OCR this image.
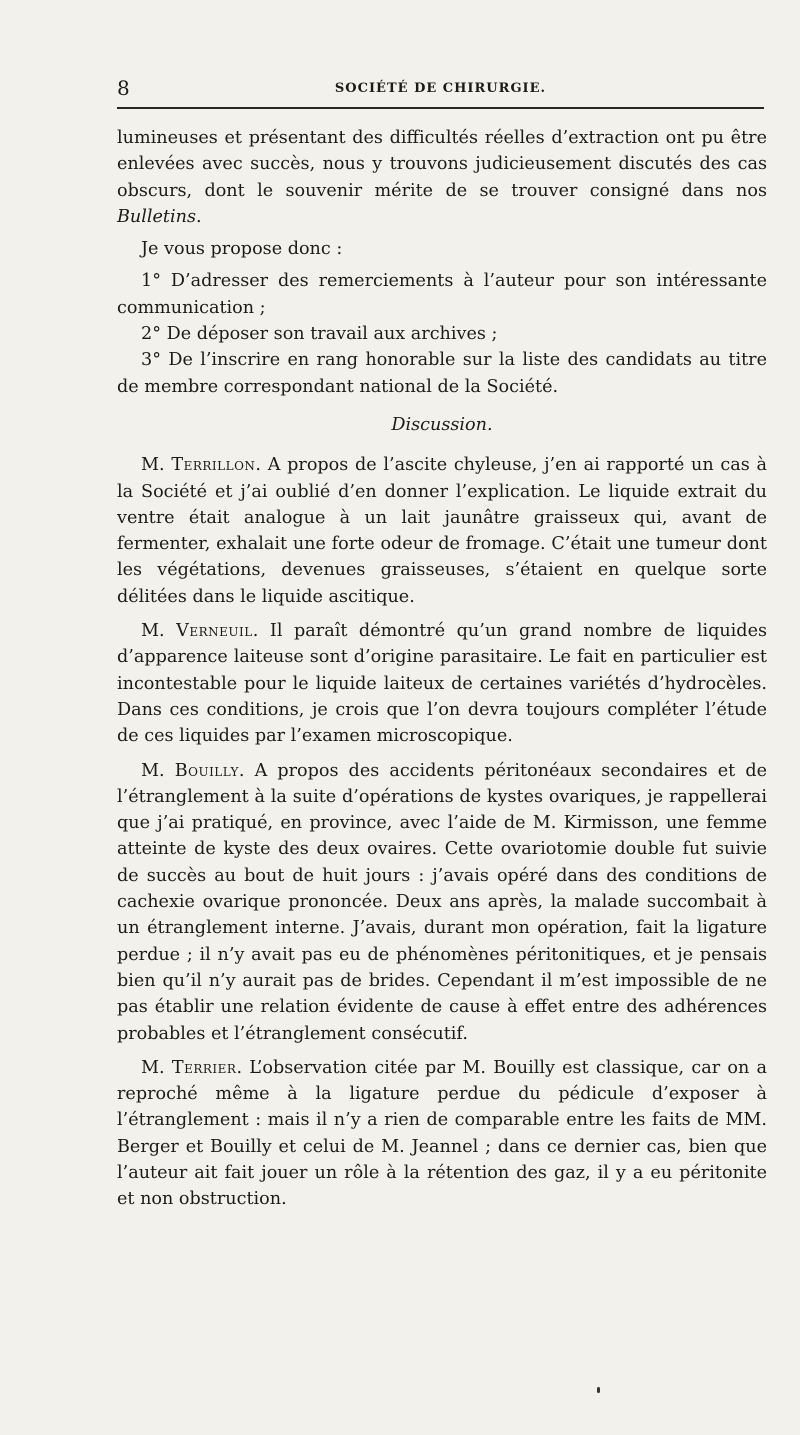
8	SOCIÉTÉ DE CHIRURGIE.

lumineuses et présentant des difficultés réelles d’extraction ont pu être enlevées avec succès, nous y trouvons judicieusement discutés des cas obscurs, dont le souvenir mérite de se trouver consigné dans nos Bulletins.

Je vous propose donc :

1° D’adresser des remerciements à l’auteur pour son intéressante communication ;

2° De déposer son travail aux archives ;

3° De l’inscrire en rang honorable sur la liste des candidats au titre de membre correspondant national de la Société.

Discussion.

M. Terrillon. A propos de l’ascite chyleuse, j’en ai rapporté un cas à la Société et j’ai oublié d’en donner l’explication. Le liquide extrait du ventre était analogue à un lait jaunâtre graisseux qui, avant de fermenter, exhalait une forte odeur de fromage. C’était une tumeur dont les végétations, devenues graisseuses, s’étaient en quelque sorte délitées dans le liquide ascitique.

M. Verneuil. Il paraît démontré qu’un grand nombre de liquides d’apparence laiteuse sont d’origine parasitaire. Le fait en particulier est incontestable pour le liquide laiteux de certaines variétés d’hydrocèles. Dans ces conditions, je crois que l’on devra toujours compléter l’étude de ces liquides par l’examen microscopique.

M. Bouilly. A propos des accidents péritonéaux secondaires et de l’étranglement à la suite d’opérations de kystes ovariques, je rappellerai que j’ai pratiqué, en province, avec l’aide de M. Kirmisson, une femme atteinte de kyste des deux ovaires. Cette ovariotomie double fut suivie de succès au bout de huit jours : j’avais opéré dans des conditions de cachexie ovarique prononcée. Deux ans après, la malade succombait à un étranglement interne. J’avais, durant mon opération, fait la ligature perdue ; il n’y avait pas eu de phénomènes péritonitiques, et je pensais bien qu’il n’y aurait pas de brides. Cependant il m’est impossible de ne pas établir une relation évidente de cause à effet entre des adhérences probables et l’étranglement consécutif.

M. Terrier. L’observation citée par M. Bouilly est classique, car on a reproché même à la ligature perdue du pédicule d’exposer à l’étranglement : mais il n’y a rien de comparable entre les faits de MM. Berger et Bouilly et celui de M. Jeannel ; dans ce dernier cas, bien que l’auteur ait fait jouer un rôle à la rétention des gaz, il y a eu péritonite et non obstruction.
